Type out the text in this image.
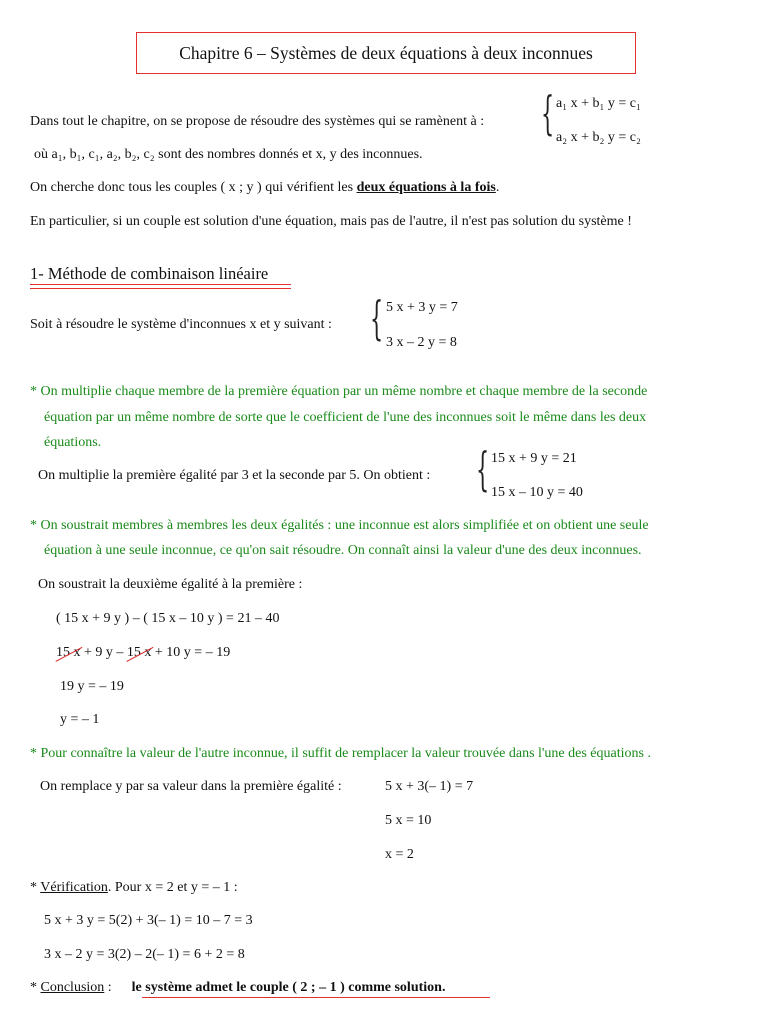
Chapitre 6 – Systèmes de deux équations à deux inconnues
Dans tout le chapitre, on se propose de résoudre des systèmes qui se ramènent à : { a₁ x + b₁ y = c₁
a₂ x + b₂ y = c₂
où a₁, b₁, c₁, a₂, b₂, c₂ sont des nombres donnés et x, y des inconnues.
On cherche donc tous les couples ( x ; y ) qui vérifient les deux équations à la fois.
En particulier, si un couple est solution d'une équation, mais pas de l'autre, il n'est pas solution du système !
1- Méthode de combinaison linéaire
Soit à résoudre le système d'inconnues x et y suivant : { 5 x + 3 y = 7
3 x – 2 y = 8
* On multiplie chaque membre de la première équation par un même nombre et chaque membre de la seconde
équation par un même nombre de sorte que le coefficient de l'une des inconnues soit le même dans les deux
équations.
On multiplie la première égalité par 3 et la seconde par 5. On obtient : { 15 x + 9 y = 21
15 x – 10 y = 40
* On soustrait membres à membres les deux égalités : une inconnue est alors simplifiée et on obtient une seule
équation à une seule inconnue, ce qu'on sait résoudre. On connaît ainsi la valeur d'une des deux inconnues.
On soustrait la deuxième égalité à la première :
( 15 x + 9 y ) – ( 15 x – 10 y ) = 21 – 40
15 x + 9 y – 15 x + 10 y = – 19
19 y = – 19
y = – 1
* Pour connaître la valeur de l'autre inconnue, il suffit de remplacer la valeur trouvée dans l'une des équations .
On remplace y par sa valeur dans la première égalité :	5 x + 3(– 1) = 7
5 x = 10
x = 2
* Vérification. Pour x = 2 et y = – 1 :
5 x + 3 y = 5(2) + 3(– 1) = 10 – 7 = 3
3 x – 2 y = 3(2) – 2(– 1) = 6 + 2 = 8
* Conclusion : le système admet le couple ( 2 ; – 1 ) comme solution.
